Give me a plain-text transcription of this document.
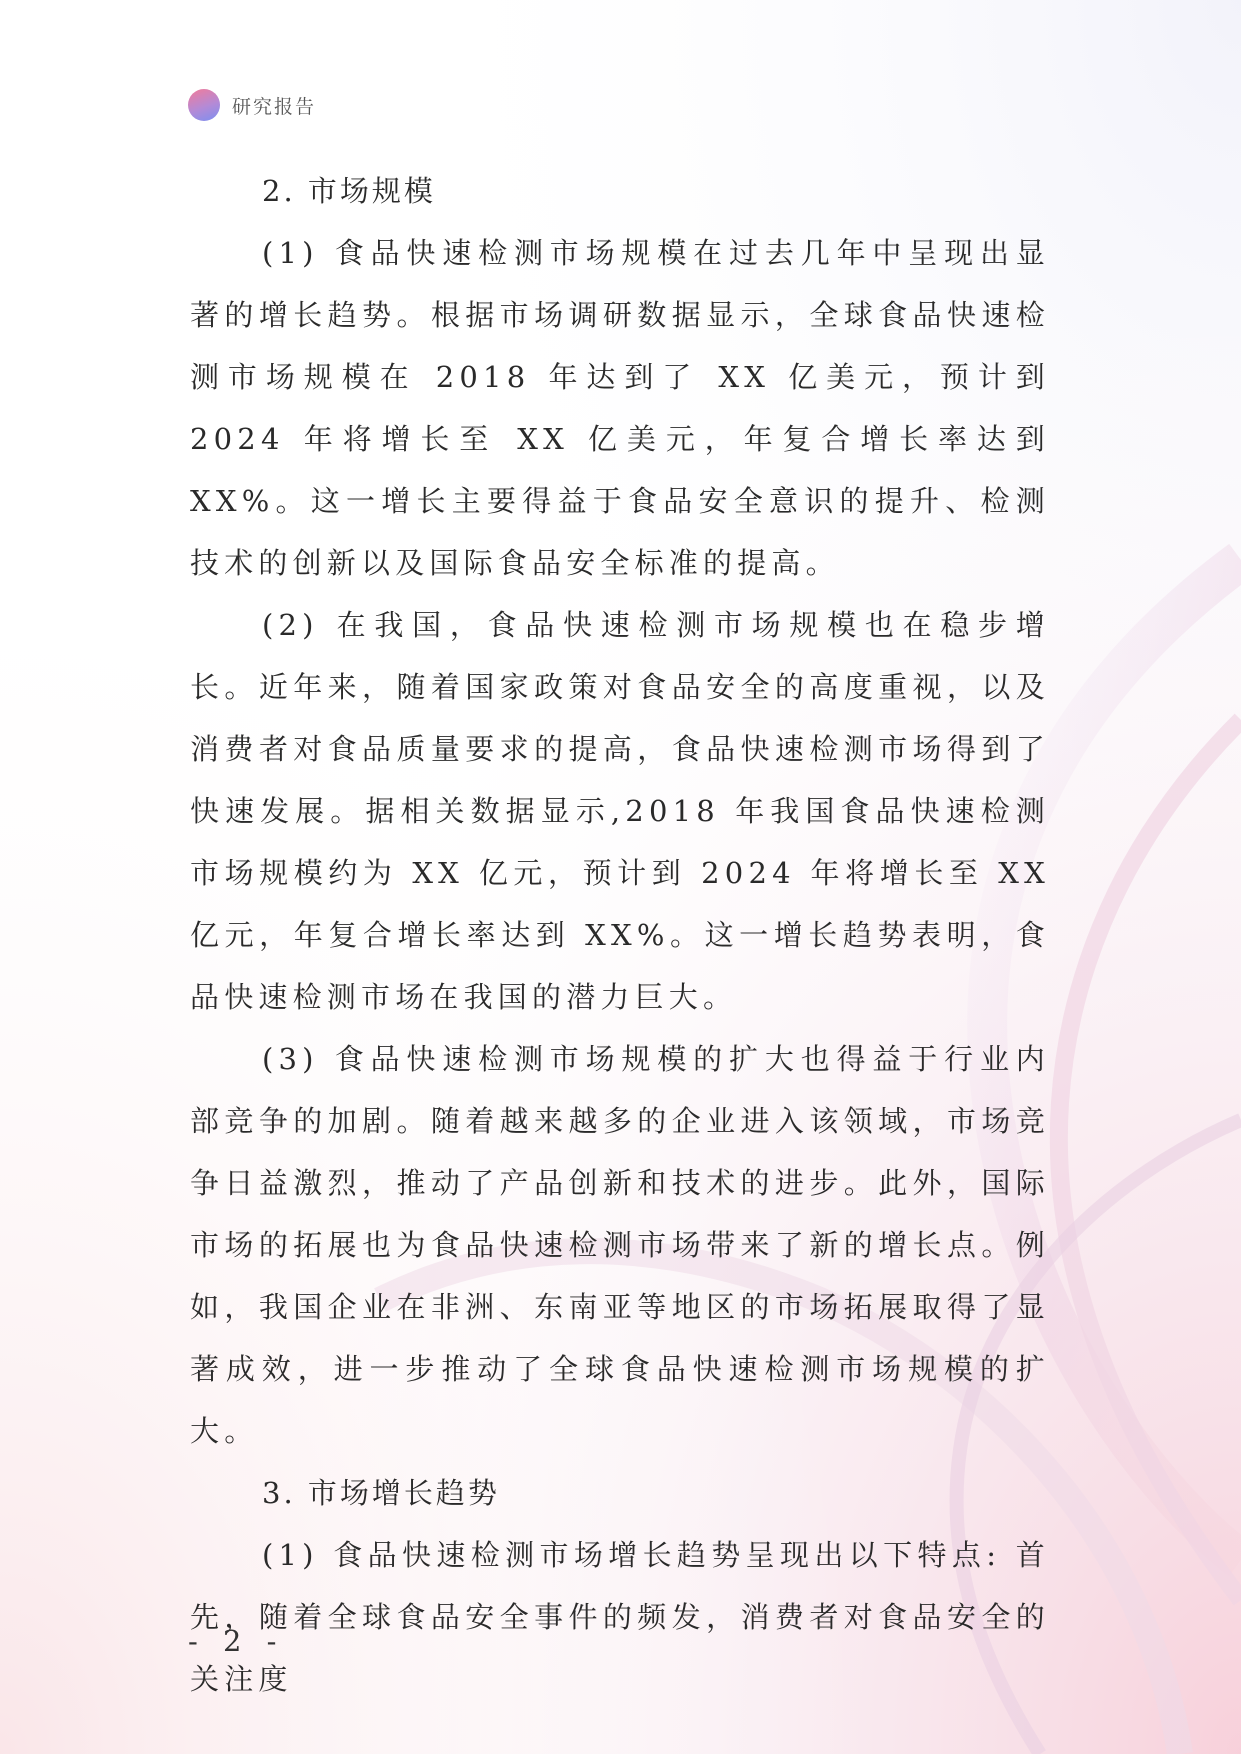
研究报告
2. 市场规模

(1) 食品快速检测市场规模在过去几年中呈现出显著的增长趋势。根据市场调研数据显示，全球食品快速检测市场规模在 2018 年达到了 XX 亿美元，预计到 2024 年将增长至 XX 亿美元，年复合增长率达到 XX%。这一增长主要得益于食品安全意识的提升、检测技术的创新以及国际食品安全标准的提高。

(2) 在我国，食品快速检测市场规模也在稳步增长。近年来，随着国家政策对食品安全的高度重视，以及消费者对食品质量要求的提高，食品快速检测市场得到了快速发展。据相关数据显示,2018 年我国食品快速检测市场规模约为 XX 亿元，预计到 2024 年将增长至 XX 亿元，年复合增长率达到 XX%。这一增长趋势表明，食品快速检测市场在我国的潜力巨大。

(3) 食品快速检测市场规模的扩大也得益于行业内部竞争的加剧。随着越来越多的企业进入该领域，市场竞争日益激烈，推动了产品创新和技术的进步。此外，国际市场的拓展也为食品快速检测市场带来了新的增长点。例如，我国企业在非洲、东南亚等地区的市场拓展取得了显著成效，进一步推动了全球食品快速检测市场规模的扩大。

3. 市场增长趋势

(1) 食品快速检测市场增长趋势呈现出以下特点: 首先，随着全球食品安全事件的频发，消费者对食品安全的关注度

- 2 -
